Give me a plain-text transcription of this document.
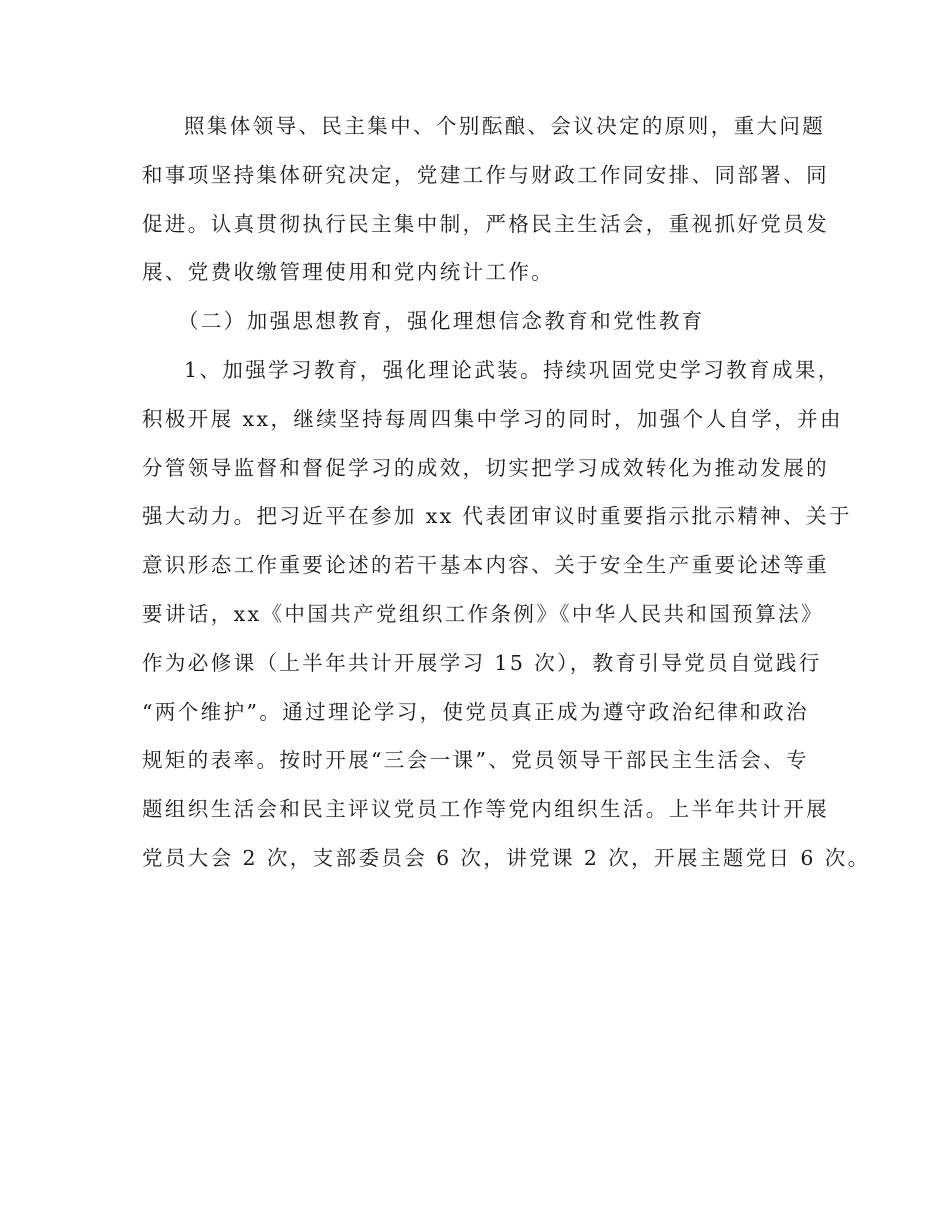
照集体领导、民主集中、个别酝酿、会议决定的原则，重大问题
和事项坚持集体研究决定，党建工作与财政工作同安排、同部署、同
促进。认真贯彻执行民主集中制，严格民主生活会，重视抓好党员发
展、党费收缴管理使用和党内统计工作。
（二）加强思想教育，强化理想信念教育和党性教育
1、加强学习教育，强化理论武装。持续巩固党史学习教育成果，
积极开展 xx，继续坚持每周四集中学习的同时，加强个人自学，并由
分管领导监督和督促学习的成效，切实把学习成效转化为推动发展的
强大动力。把习近平在参加 xx 代表团审议时重要指示批示精神、关于
意识形态工作重要论述的若干基本内容、关于安全生产重要论述等重
要讲话，xx《中国共产党组织工作条例》《中华人民共和国预算法》
作为必修课（上半年共计开展学习 15 次），教育引导党员自觉践行
“两个维护”。通过理论学习，使党员真正成为遵守政治纪律和政治
规矩的表率。按时开展“三会一课”、党员领导干部民主生活会、专
题组织生活会和民主评议党员工作等党内组织生活。上半年共计开展
党员大会 2 次，支部委员会 6 次，讲党课 2 次，开展主题党日 6 次。
